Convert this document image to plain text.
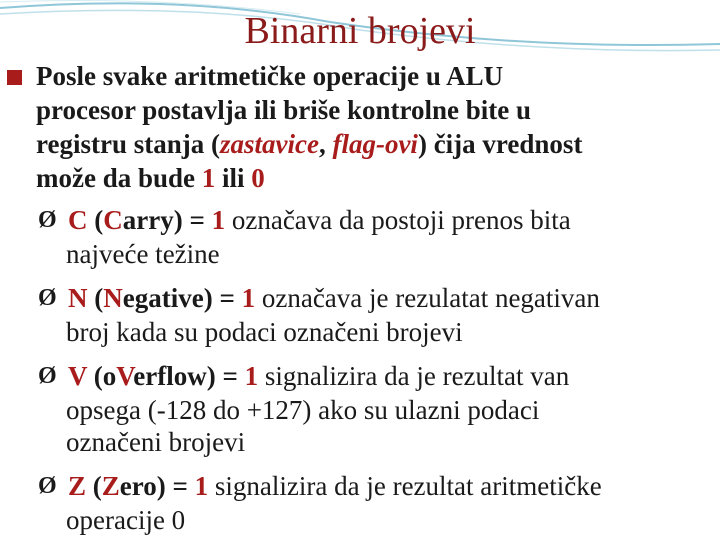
Binarni brojevi
Posle svake aritmetičke operacije u ALU
procesor postavlja ili briše kontrolne bite u
registru stanja (zastavice, flag-ovi) čija vrednost
može da bude 1 ili 0
Ø C (Carry) = 1 označava da postoji prenos bita
najveće težine
Ø N (Negative) = 1 označava je rezulatat negativan
broj kada su podaci označeni brojevi
Ø V (oVerflow) = 1 signalizira da je rezultat van
opsega (-128 do +127) ako su ulazni podaci
označeni brojevi
Ø Z (Zero) = 1 signalizira da je rezultat aritmetičke
operacije 0
